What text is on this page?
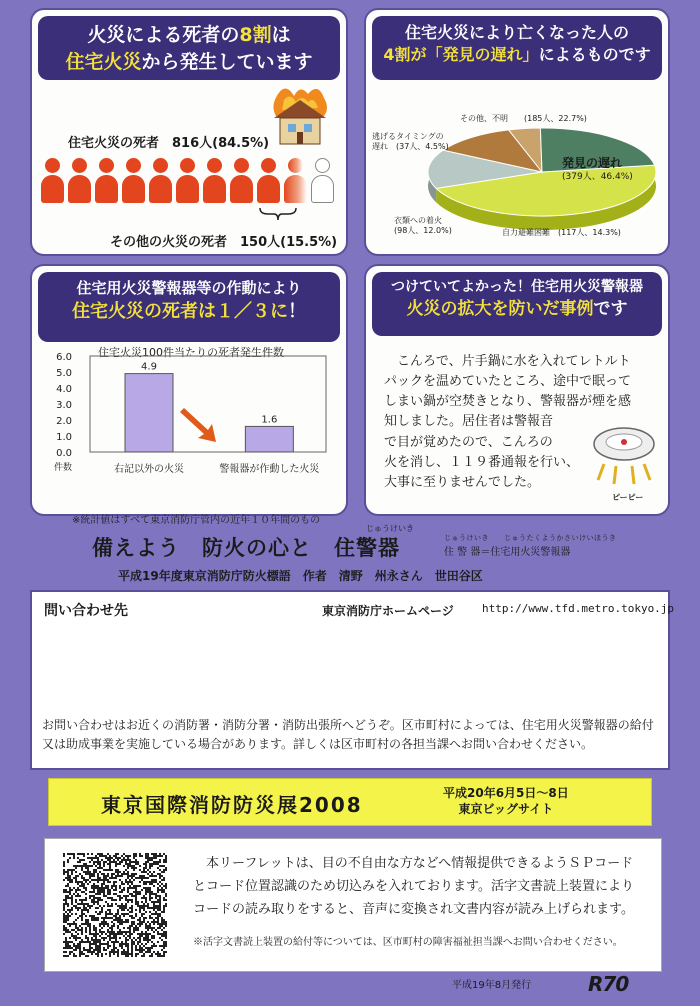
火災による死者の8割は
住宅火災から発生しています
住宅火災の死者　816人(84.5%)
その他の火災の死者　150人(15.5%)
住宅火災により亡くなった人の
4割が「発見の遅れ」によるものです
その他、不明　　(185人、22.7%)
逃げるタイミングの
遅れ　(37人、4.5%)
発見の遅れ
(379人、46.4%)
衣類への着火
(98人、12.0%)	自力避難困難　(117人、14.3%)
住宅用火災警報器等の作動により
住宅火災の死者は１／３に！
住宅火災100件当たりの死者発生件数
6.0
5.0
4.0
3.0
2.0
1.0
0.0
件数
4.9
右記以外の火災
1.6
警報器が作動した火災
つけていてよかった！住宅用火災警報器
火災の拡大を防いだ事例です
　こんろで、片手鍋に水を入れてレトルト
パックを温めていたところ、途中で眠って
しまい鍋が空焚きとなり、警報器が煙を感
知しました。居住者は警報音
で目が覚めたので、こんろの
火を消し、１１９番通報を行い、
大事に至りませんでした。
ピーピー
※統計値はすべて東京消防庁管内の近年１０年間のもの
じゅうけいき
備えよう　防火の心と　住警器	じゅうけいき　　じゅうたくようかさいけいほうき
住 警 器＝住宅用火災警報器
平成19年度東京消防庁防火標語　作者　清野　州永さん　世田谷区
問い合わせ先	東京消防庁ホームページ	http://www.tfd.metro.tokyo.jp
お問い合わせはお近くの消防署・消防分署・消防出張所へどうぞ。区市町村によっては、住宅用火災警報器の給付
又は助成事業を実施している場合があります。詳しくは区市町村の各担当課へお問い合わせください。
東京国際消防防災展2008	平成20年6月5日〜8日
東京ビッグサイト
　本リーフレットは、目の不自由な方などへ情報提供できるようＳＰコード
とコード位置認識のため切込みを入れております。活字文書読上装置により
コードの読み取りをすると、音声に変換され文書内容が読み上げられます。
※活字文書読上装置の給付等については、区市町村の障害福祉担当課へお問い合わせください。
平成19年8月発行	R70
